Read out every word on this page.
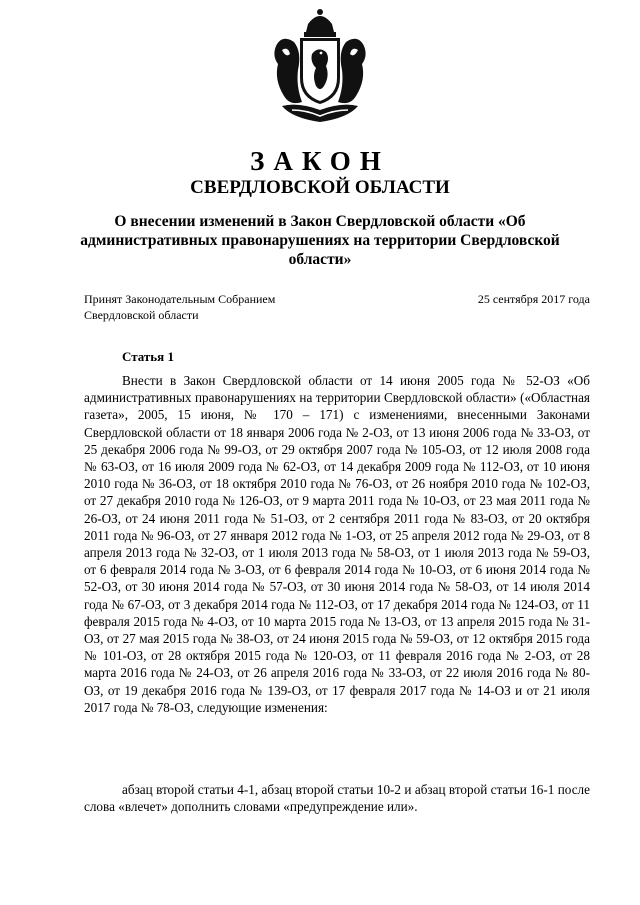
ЗАКОН
СВЕРДЛОВСКОЙ ОБЛАСТИ
О внесении изменений в Закон Свердловской области «Об административных правонарушениях на территории Свердловской области»
Принят Законодательным Собранием
Свердловской области
25 сентября 2017 года
Статья 1
Внести в Закон Свердловской области от 14 июня 2005 года № 52-ОЗ «Об административных правонарушениях на территории Свердловской области» («Областная газета», 2005, 15 июня, № 170 – 171) с изменениями, внесенными Законами Свердловской области от 18 января 2006 года № 2-ОЗ, от 13 июня 2006 года № 33-ОЗ, от 25 декабря 2006 года № 99-ОЗ, от 29 октября 2007 года № 105-ОЗ, от 12 июля 2008 года № 63-ОЗ, от 16 июля 2009 года № 62-ОЗ, от 14 декабря 2009 года № 112-ОЗ, от 10 июня 2010 года № 36-ОЗ, от 18 октября 2010 года № 76-ОЗ, от 26 ноября 2010 года № 102-ОЗ, от 27 декабря 2010 года № 126-ОЗ, от 9 марта 2011 года № 10-ОЗ, от 23 мая 2011 года № 26-ОЗ, от 24 июня 2011 года № 51-ОЗ, от 2 сентября 2011 года № 83-ОЗ, от 20 октября 2011 года № 96-ОЗ, от 27 января 2012 года № 1-ОЗ, от 25 апреля 2012 года № 29-ОЗ, от 8 апреля 2013 года № 32-ОЗ, от 1 июля 2013 года № 58-ОЗ, от 1 июля 2013 года № 59-ОЗ, от 6 февраля 2014 года № 3-ОЗ, от 6 февраля 2014 года № 10-ОЗ, от 6 июня 2014 года № 52-ОЗ, от 30 июня 2014 года № 57-ОЗ, от 30 июня 2014 года № 58-ОЗ, от 14 июля 2014 года № 67-ОЗ, от 3 декабря 2014 года № 112-ОЗ, от 17 декабря 2014 года № 124-ОЗ, от 11 февраля 2015 года № 4-ОЗ, от 10 марта 2015 года № 13-ОЗ, от 13 апреля 2015 года № 31-ОЗ, от 27 мая 2015 года № 38-ОЗ, от 24 июня 2015 года № 59-ОЗ, от 12 октября 2015 года № 101-ОЗ, от 28 октября 2015 года № 120-ОЗ, от 11 февраля 2016 года № 2-ОЗ, от 28 марта 2016 года № 24-ОЗ, от 26 апреля 2016 года № 33-ОЗ, от 22 июля 2016 года № 80-ОЗ, от 19 декабря 2016 года № 139-ОЗ, от 17 февраля 2017 года № 14-ОЗ и от 21 июля 2017 года № 78-ОЗ, следующие изменения:
абзац второй статьи 4-1, абзац второй статьи 10-2 и абзац второй статьи 16-1 после слова «влечет» дополнить словами «предупреждение или».
